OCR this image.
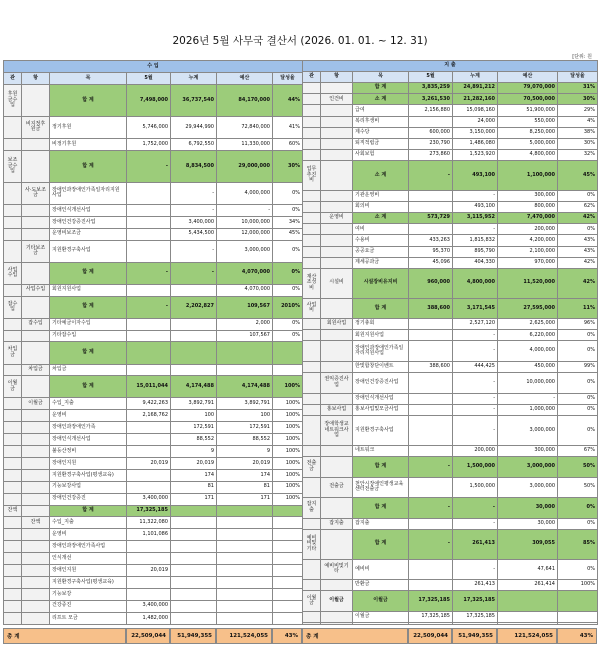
2026년 5월 사무국 결산서 (2026. 01. 01. ~ 12. 31)
[단위: 원
수 입						
관	항	목	5월	누계	예산	달성율
후원금수입		합 계	7,498,000	36,737,540	84,170,000	44%
	비지정후원금	정기후원	5,746,000	29,944,990	72,840,000	41%
		비정기후원	1,752,000	6,792,550	11,330,000	60%
보조금수입		합 계	-	8,834,500	29,000,000	30%
	사·도보조금	장애인과장애인가족일자리지원사업		-	4,000,000	0%
		장애인식개선사업		-	-	0%
		장애인건강증진사업		3,400,000	10,000,000	34%
		운영비보조금		5,434,500	12,000,000	45%
	기타보조금	지원환경구축사업		-	3,000,000	0%
사업수입		합 계	-	-	4,070,000	0%
	사업수입	회원지원사업			4,070,000	0%
잡수입		합 계	-	2,202,827	109,567	2010%
	잡수입	기타예금이자수입			2,000	0%
		기타잡수입			107,567	0%
차입금		합 계				
	차입금	차입금				
이월금		합 계	15,011,044	4,174,488	4,174,488	100%
	이월금	수입_지출	9,422,263	3,892,791	3,892,791	100%
		운영비	2,168,762	100	100	100%
		장애인과장애인가족		172,591	172,591	100%
		장애인식개선사업		88,552	88,552	100%
		불등산정비		9	9	100%
		장애인지원	20,019	20,019	20,019	100%
		지원환경구축사업(평생교육)		174	174	100%
		기능보강사업		81	81	100%
		장애인건강증진	3,400,000	171	171	100%
잔액		합 계	17,325,185			
	잔액	수입_지출	11,322,080			
		운영비	1,101,086			
		장애인과장애인가족사업				
		인식개선				
		장애인지원	20,019			
		지원환경구축사업(평생교육)				
		기능보강				
		건강증진	3,400,000			
		리프트 모금	1,482,000			
지 출						
관	항	목	5월	누계	예산	달성율
		합 계	3,835,259	24,891,212	79,070,000	31%
	인건비	소 계	3,261,530	21,282,160	70,500,000	30%
		급여	2,156,880	15,098,160	51,900,000	29%
		복리후생비		24,000	550,000	4%
		제수당	600,000	3,150,000	8,250,000	38%
		퇴직적립금	230,790	1,486,080	5,000,000	30%
		사회보험	273,860	1,523,920	4,800,000	32%
업무추진비		소 계	-	493,100	1,100,000	45%
		기관운영비		-	300,000	0%
		회의비		493,100	800,000	62%
	운영비	소 계	573,729	3,115,952	7,470,000	42%
		여비		-	200,000	0%
		수용비	433,263	1,815,832	4,200,000	43%
		공공요금	95,370	895,790	2,100,000	43%
		제세공과금	45,096	404,330	970,000	42%
재산조성비	시설비	시설장비유지비	960,000	4,800,000	11,520,000	42%
사업비		합 계	388,600	3,171,545	27,595,000	11%
	회원사업	정기총회		2,527,120	2,625,000	96%
		회원지원사업		-	6,220,000	0%
		장애인과장애인가족일자리지원사업		-	4,000,000	0%
		한빛합창단이벤트	388,600	444,425	450,000	99%
	권익증진사업	장애인건강증진사업		-	10,000,000	0%
		장애인식개선사업		-	-	0%
	홍보사업	홍보사업및모금사업		-	1,000,000	0%
	장애학생교네트워크사업	지원환경구축사업		-	3,000,000	0%
		네트워크		200,000	300,000	67%
전출금		합 계	-	1,500,000	3,000,000	50%
	전출금	천안시장애인평생교육센터전출금		1,500,000	3,000,000	50%
잡지출		합 계	-	-	30,000	0%
	잡지출	잡지출		-	30,000	0%
예비비및기타		합 계	-	261,413	309,055	85%
	예비비및기타	예비비		-	47,641	0%
		반환금		261,413	261,414	100%
이월금	이월금	이월금	17,325,185	17,325,185		
		이월금	17,325,185	17,325,185		

총 계	22,509,044	51,949,355	121,524,055	43%	총 계	22,509,044	51,949,355	121,524,055	43%
